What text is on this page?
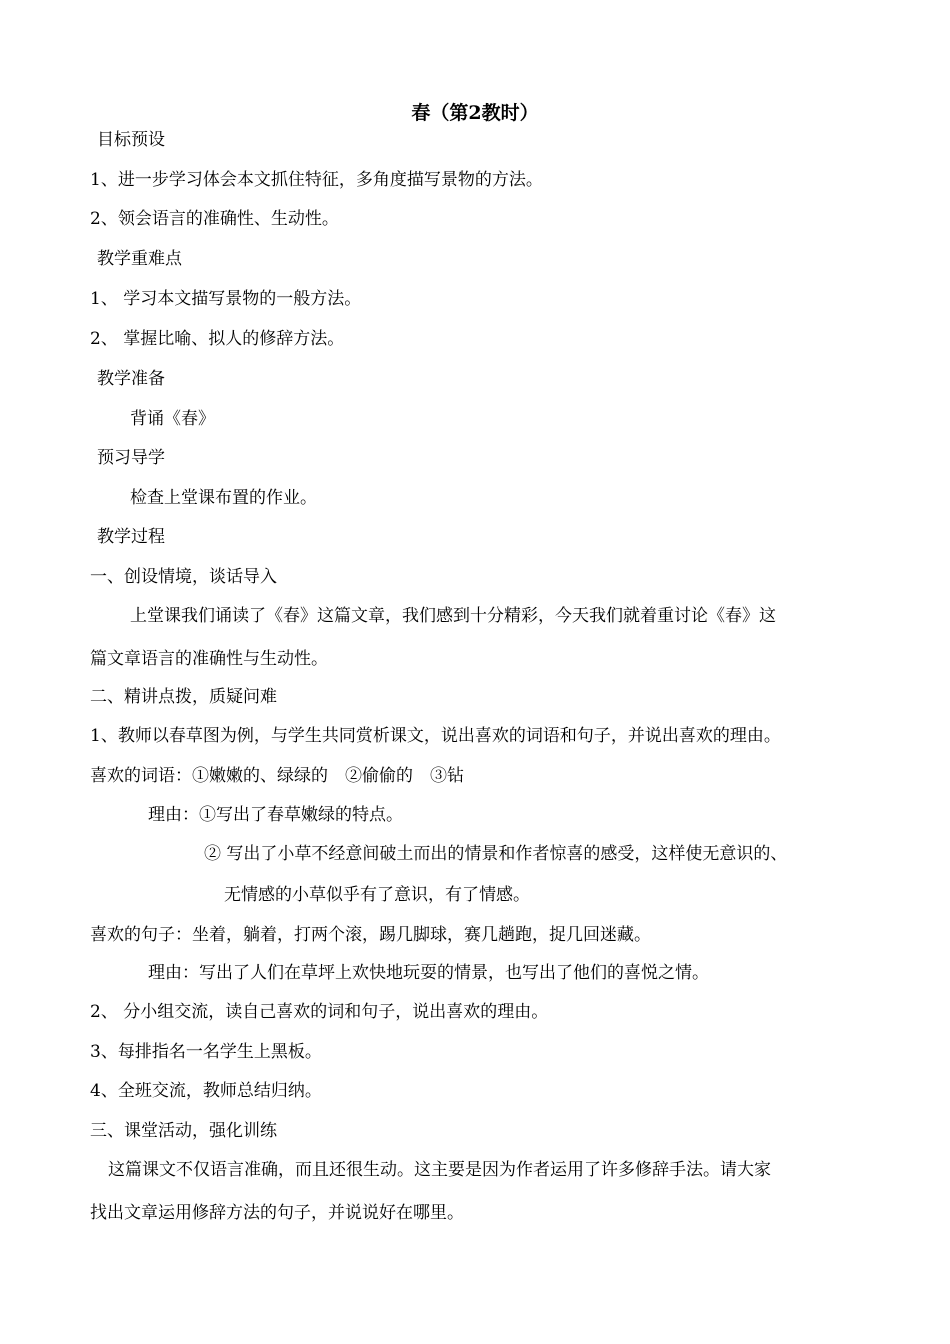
春（第2教时）
目标预设
1、进一步学习体会本文抓住特征，多角度描写景物的方法。
2、领会语言的准确性、生动性。
教学重难点
1、 学习本文描写景物的一般方法。
2、 掌握比喻、拟人的修辞方法。
教学准备
背诵《春》
预习导学
检查上堂课布置的作业。
教学过程
一、创设情境，谈话导入
上堂课我们诵读了《春》这篇文章，我们感到十分精彩，今天我们就着重讨论《春》这
篇文章语言的准确性与生动性。
二、精讲点拨，质疑问难
1、教师以春草图为例，与学生共同赏析课文，说出喜欢的词语和句子，并说出喜欢的理由。
喜欢的词语：①嫩嫩的、绿绿的　②偷偷的　③钻
理由：①写出了春草嫩绿的特点。
② 写出了小草不经意间破土而出的情景和作者惊喜的感受，这样使无意识的、
无情感的小草似乎有了意识，有了情感。
喜欢的句子：坐着，躺着，打两个滚，踢几脚球，赛几趟跑，捉几回迷藏。
理由：写出了人们在草坪上欢快地玩耍的情景，也写出了他们的喜悦之情。
2、 分小组交流，读自己喜欢的词和句子，说出喜欢的理由。
3、每排指名一名学生上黑板。
4、全班交流，教师总结归纳。
三、课堂活动，强化训练
这篇课文不仅语言准确，而且还很生动。这主要是因为作者运用了许多修辞手法。请大家
找出文章运用修辞方法的句子，并说说好在哪里。
